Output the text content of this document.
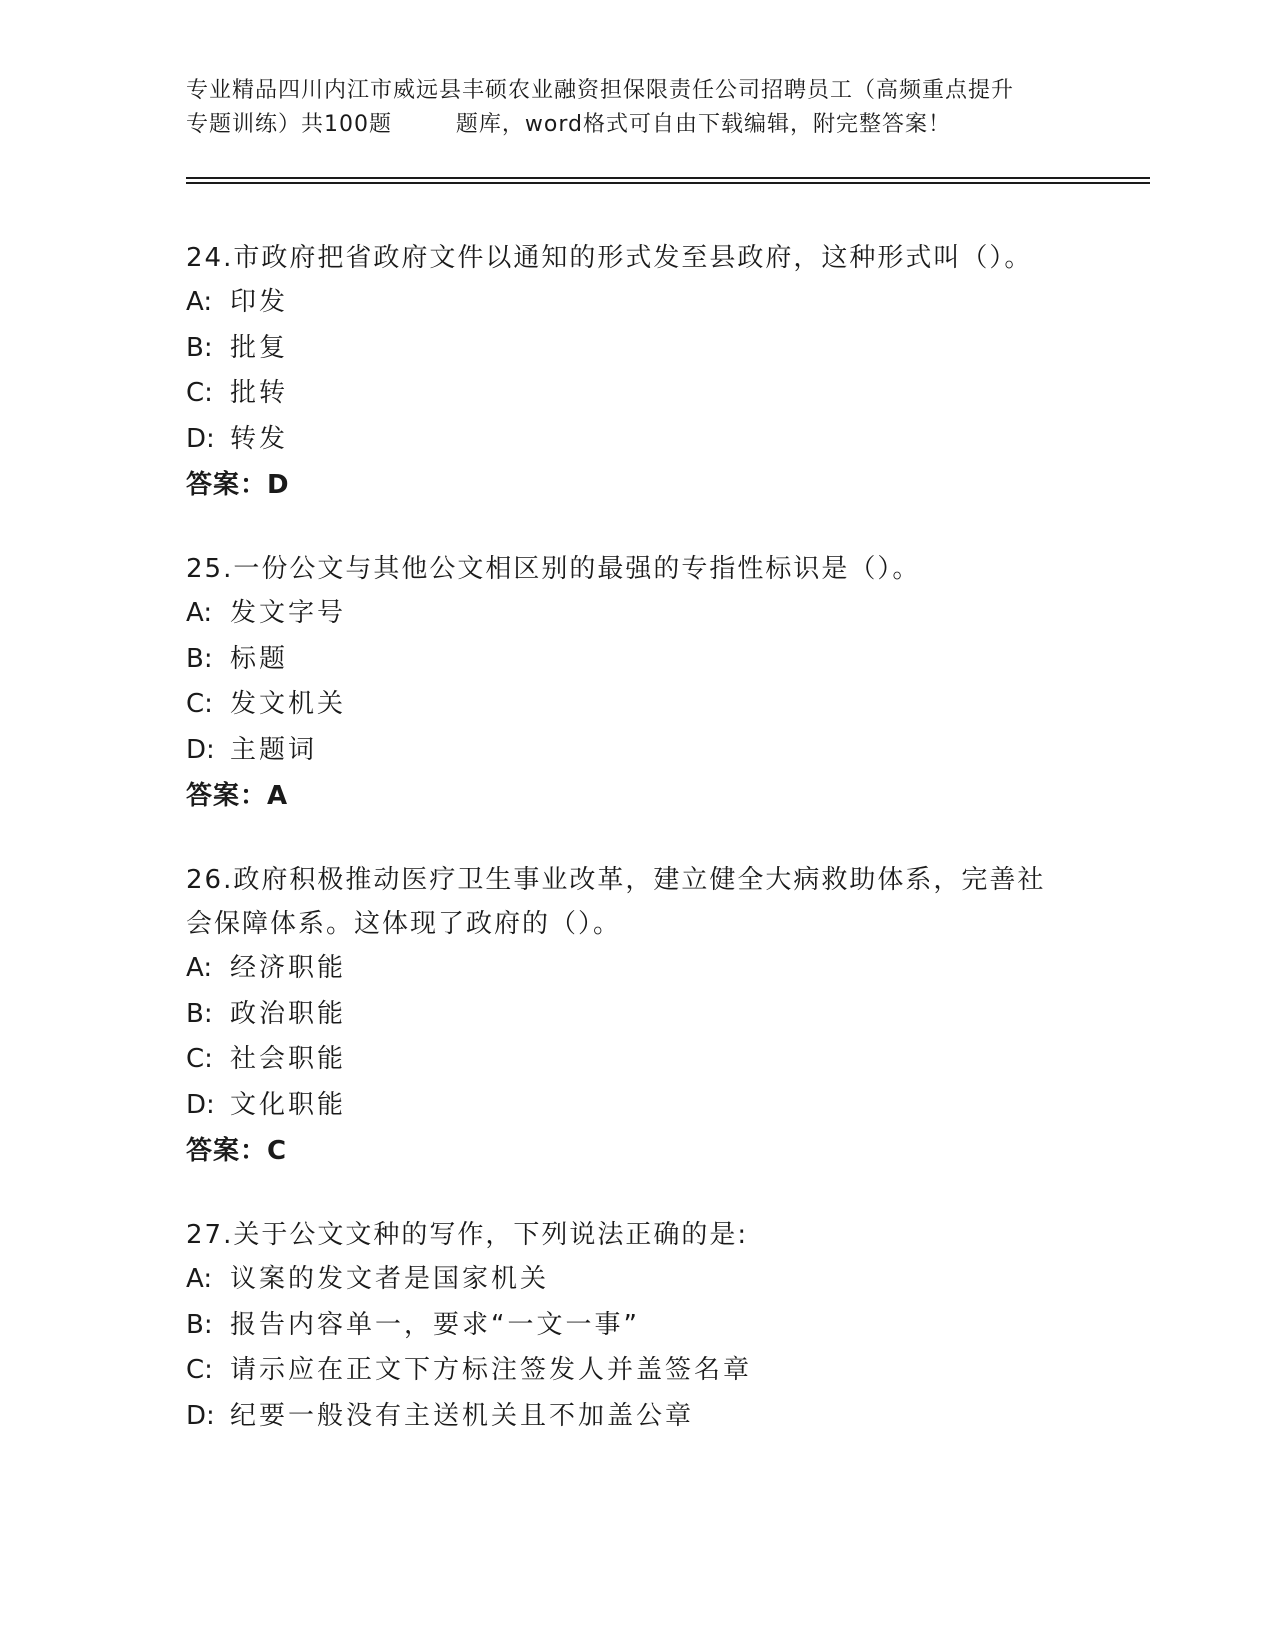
专业精品四川内江市威远县丰硕农业融资担保限责任公司招聘员工（高频重点提升
专题训练）共100题        题库，word格式可自由下载编辑，附完整答案！
24.市政府把省政府文件以通知的形式发至县政府，这种形式叫（）。
A: 印发
B: 批复
C: 批转
D: 转发
答案：D
25.一份公文与其他公文相区别的最强的专指性标识是（）。
A: 发文字号
B: 标题
C: 发文机关
D: 主题词
答案：A
26.政府积极推动医疗卫生事业改革，建立健全大病救助体系，完善社会保障体系。这体现了政府的（）。
A: 经济职能
B: 政治职能
C: 社会职能
D: 文化职能
答案：C
27.关于公文文种的写作，下列说法正确的是:
A: 议案的发文者是国家机关
B: 报告内容单一，要求“一文一事”
C: 请示应在正文下方标注签发人并盖签名章
D: 纪要一般没有主送机关且不加盖公章
